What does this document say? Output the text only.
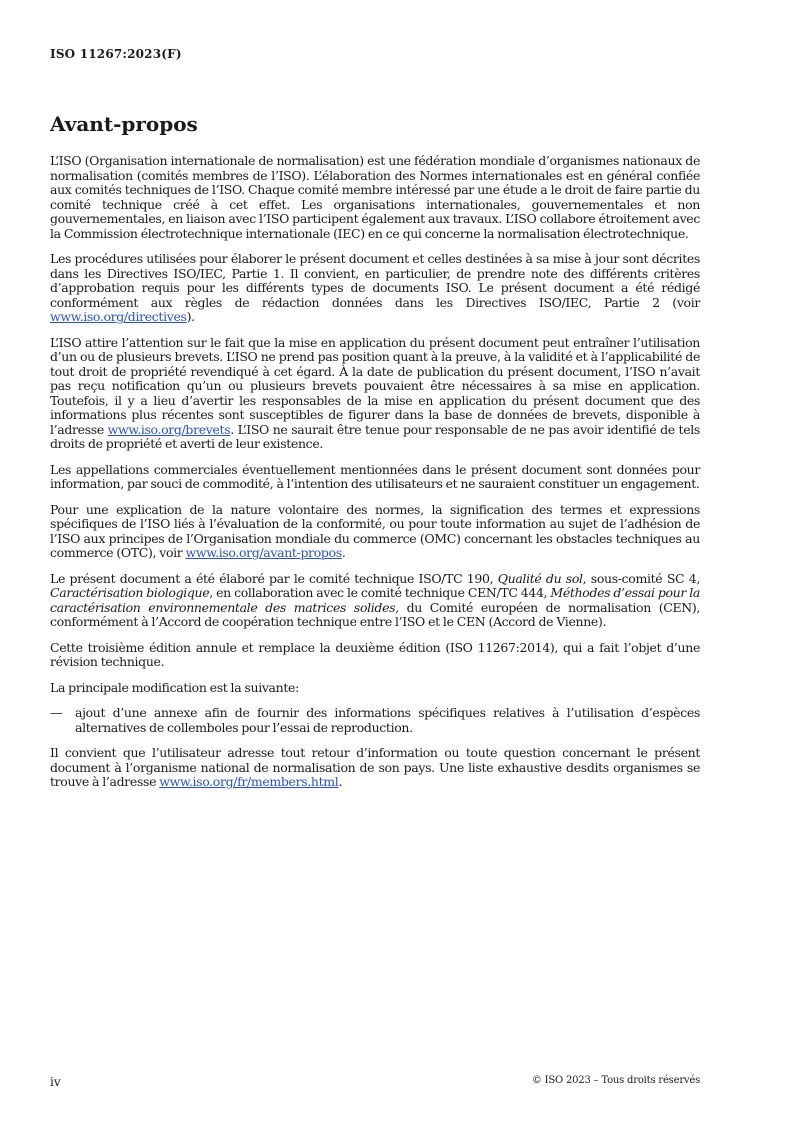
ISO 11267:2023(F)
Avant-propos

L’ISO (Organisation internationale de normalisation) est une fédération mondiale d’organismes nationaux de normalisation (comités membres de l’ISO). L’élaboration des Normes internationales est en général confiée aux comités techniques de l’ISO. Chaque comité membre intéressé par une étude a le droit de faire partie du comité technique créé à cet effet. Les organisations internationales, gouvernementales et non gouvernementales, en liaison avec l’ISO participent également aux travaux. L’ISO collabore étroitement avec la Commission électrotechnique internationale (IEC) en ce qui concerne la normalisation électrotechnique.

Les procédures utilisées pour élaborer le présent document et celles destinées à sa mise à jour sont décrites dans les Directives ISO/IEC, Partie 1. Il convient, en particulier, de prendre note des différents critères d’approbation requis pour les différents types de documents ISO. Le présent document a été rédigé conformément aux règles de rédaction données dans les Directives ISO/IEC, Partie 2 (voir www.iso.org/directives).

L’ISO attire l’attention sur le fait que la mise en application du présent document peut entraîner l’utilisation d’un ou de plusieurs brevets. L’ISO ne prend pas position quant à la preuve, à la validité et à l’applicabilité de tout droit de propriété revendiqué à cet égard. À la date de publication du présent document, l’ISO n’avait pas reçu notification qu’un ou plusieurs brevets pouvaient être nécessaires à sa mise en application. Toutefois, il y a lieu d’avertir les responsables de la mise en application du présent document que des informations plus récentes sont susceptibles de figurer dans la base de données de brevets, disponible à l’adresse www.iso.org/brevets. L’ISO ne saurait être tenue pour responsable de ne pas avoir identifié de tels droits de propriété et averti de leur existence.

Les appellations commerciales éventuellement mentionnées dans le présent document sont données pour information, par souci de commodité, à l’intention des utilisateurs et ne sauraient constituer un engagement.

Pour une explication de la nature volontaire des normes, la signification des termes et expressions spécifiques de l’ISO liés à l’évaluation de la conformité, ou pour toute information au sujet de l’adhésion de l’ISO aux principes de l’Organisation mondiale du commerce (OMC) concernant les obstacles techniques au commerce (OTC), voir www.iso.org/avant-propos.

Le présent document a été élaboré par le comité technique ISO/TC 190, Qualité du sol, sous-comité SC 4, Caractérisation biologique, en collaboration avec le comité technique CEN/TC 444, Méthodes d’essai pour la caractérisation environnementale des matrices solides, du Comité européen de normalisation (CEN), conformément à l’Accord de coopération technique entre l’ISO et le CEN (Accord de Vienne).

Cette troisième édition annule et remplace la deuxième édition (ISO 11267:2014), qui a fait l’objet d’une révision technique.

La principale modification est la suivante:

—	ajout d’une annexe afin de fournir des informations spécifiques relatives à l’utilisation d’espèces alternatives de collemboles pour l’essai de reproduction.

Il convient que l’utilisateur adresse tout retour d’information ou toute question concernant le présent document à l’organisme national de normalisation de son pays. Une liste exhaustive desdits organismes se trouve à l’adresse www.iso.org/fr/members.html.

iv	© ISO 2023 – Tous droits réservés
